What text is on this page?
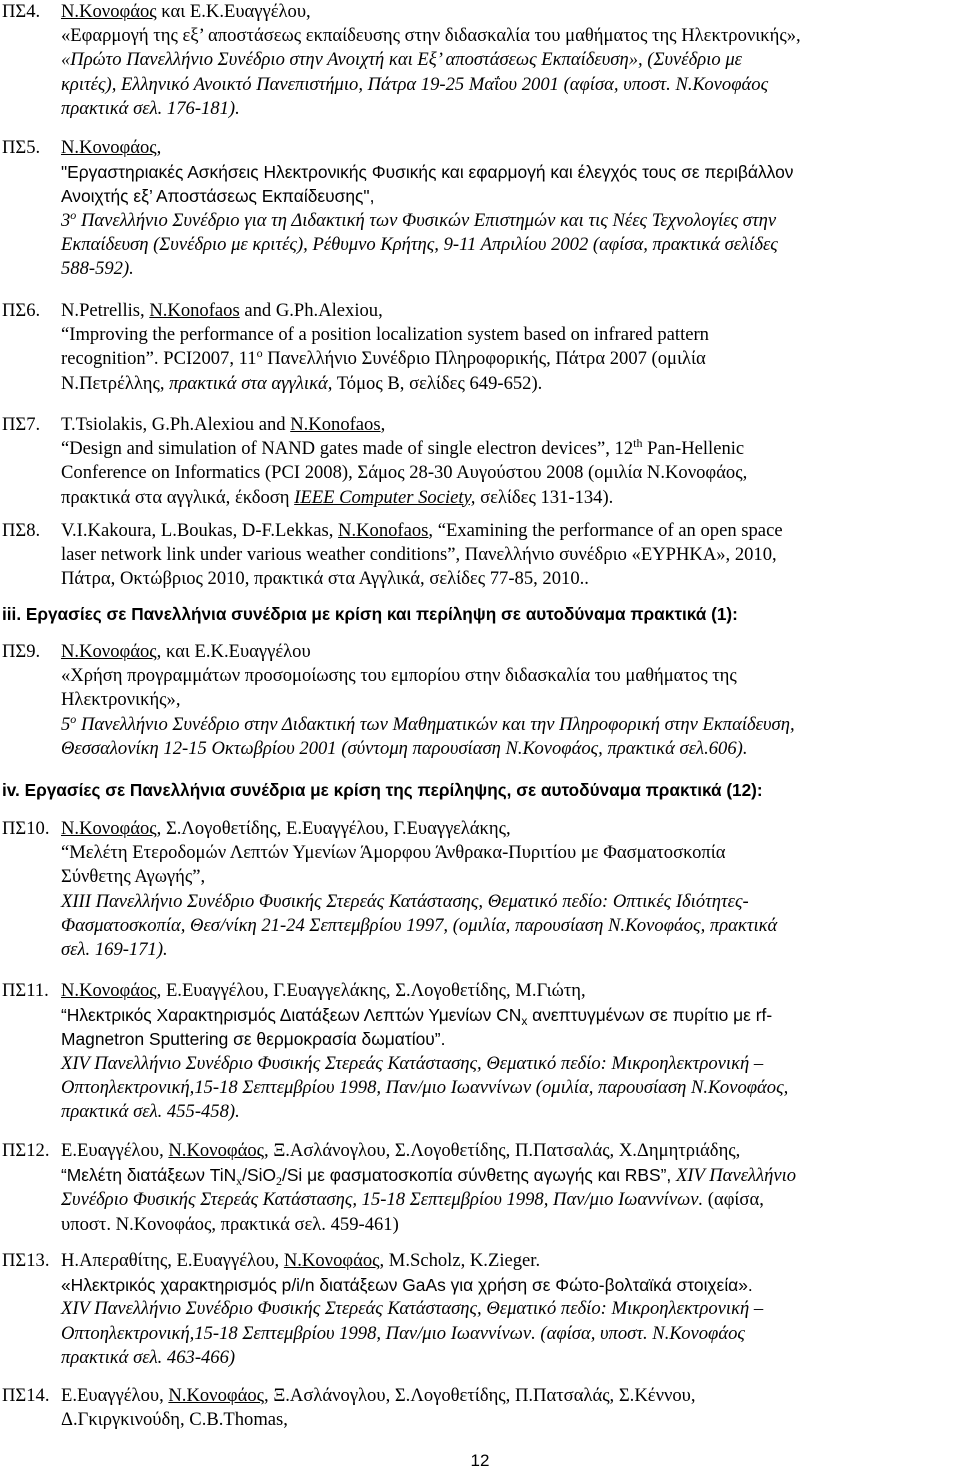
ΠΣ4. Ν.Κονοφάος και Ε.Κ.Ευαγγέλου,
«Εφαρμογή της εξ’ αποστάσεως εκπαίδευσης στην διδασκαλία του μαθήματος της Ηλεκτρονικής»,
«Πρώτο Πανελλήνιο Συνέδριο στην Ανοιχτή και Εξ’ αποστάσεως Εκπαίδευση», (Συνέδριο με
κριτές), Ελληνικό Ανοικτό Πανεπιστήμιο, Πάτρα 19-25 Μαΐου 2001 (αφίσα, υποστ. Ν.Κονοφάος
πρακτικά σελ. 176-181).
ΠΣ5. Ν.Κονοφάος,
"Εργαστηριακές Ασκήσεις Ηλεκτρονικής Φυσικής και εφαρμογή και έλεγχός τους σε περιβάλλον
Ανοιχτής εξ’ Αποστάσεως Εκπαίδευσης",
$3^o$ Πανελλήνιο Συνέδριο για τη Διδακτική των Φυσικών Επιστημών και τις Νέες Τεχνολογίες στην
Εκπαίδευση (Συνέδριο με κριτές), Ρέθυμνο Κρήτης, 9-11 Απριλίου 2002 (αφίσα, πρακτικά σελίδες
588-592).
ΠΣ6. N.Petrellis, N.Konofaos and G.Ph.Alexiou,
“Improving the performance of a position localization system based on infrared pattern
recognition”. PCI2007, $11^o$ Πανελλήνιο Συνέδριο Πληροφορικής, Πάτρα 2007 (ομιλία
Ν.Πετρέλλης, πρακτικά στα αγγλικά, Τόμος Β, σελίδες 649-652).
ΠΣ7. T.Tsiolakis, G.Ph.Alexiou and N.Konofaos,
“Design and simulation of NAND gates made of single electron devices”, 12th Pan-Hellenic
Conference on Informatics (PCI 2008), Σάμος 28-30 Αυγούστου 2008 (ομιλία Ν.Κονοφάος,
πρακτικά στα αγγλικά, έκδοση IEEE Computer Society, σελίδες 131-134).
ΠΣ8. V.I.Kakoura, L.Boukas, D-F.Lekkas, N.Konofaos, “Examining the performance of an open space
laser network link under various weather conditions”, Πανελλήνιο συνέδριο «ΕΥΡΗΚΑ», 2010,
Πάτρα, Οκτώβριος 2010, πρακτικά στα Αγγλικά, σελίδες 77-85, 2010..
iii. Εργασίες σε Πανελλήνια συνέδρια με κρίση και περίληψη σε αυτοδύναμα πρακτικά (1):
ΠΣ9. Ν.Κονοφάος, και Ε.Κ.Ευαγγέλου
«Χρήση προγραμμάτων προσομοίωσης του εμπορίου στην διδασκαλία του μαθήματος της
Ηλεκτρονικής»,
$5^o$ Πανελλήνιο Συνέδριο στην Διδακτική των Μαθηματικών και την Πληροφορική στην Εκπαίδευση,
Θεσσαλονίκη 12-15 Οκτωβρίου 2001 (σύντομη παρουσίαση Ν.Κονοφάος, πρακτικά σελ.606).
iv. Εργασίες σε Πανελλήνια συνέδρια με κρίση της περίληψης, σε αυτοδύναμα πρακτικά (12):
ΠΣ10. Ν.Κονοφάος, Σ.Λογοθετίδης, Ε.Ευαγγέλου, Γ.Ευαγγελάκης,
“Μελέτη Ετεροδομών Λεπτών Υμενίων Άμορφου Άνθρακα-Πυριτίου με Φασματοσκοπία
Σύνθετης Αγωγής”,
ΧΙΙΙ Πανελλήνιο Συνέδριο Φυσικής Στερεάς Κατάστασης, Θεματικό πεδίο: Οπτικές Ιδιότητες-
Φασματοσκοπία, Θεσ/νίκη 21-24 Σεπτεμβρίου 1997, (ομιλία, παρουσίαση Ν.Κονοφάος, πρακτικά
σελ. 169-171).
ΠΣ11. Ν.Κονοφάος, Ε.Ευαγγέλου, Γ.Ευαγγελάκης, Σ.Λογοθετίδης, Μ.Γιώτη,
“Ηλεκτρικός Χαρακτηρισμός Διατάξεων Λεπτών Υμενίων $CN_x$ ανεπτυγμένων σε πυρίτιο με rf-
Magnetron Sputtering σε θερμοκρασία δωματίου”.
XIV Πανελλήνιο Συνέδριο Φυσικής Στερεάς Κατάστασης, Θεματικό πεδίο: Μικροηλεκτρονική –
Οπτοηλεκτρονική,15-18 Σεπτεμβρίου 1998, Παν/μιο Ιωαννίνων (ομιλία, παρουσίαση Ν.Κονοφάος,
πρακτικά σελ. 455-458).
ΠΣ12. Ε.Ευαγγέλου, Ν.Κονοφάος, Ξ.Ασλάνογλου, Σ.Λογοθετίδης, Π.Πατσαλάς, Χ.Δημητριάδης,
“Μελέτη διατάξεων TiN$_x$/SiO$_2$/Si με φασματοσκοπία σύνθετης αγωγής και RBS”, XIV Πανελλήνιο
Συνέδριο Φυσικής Στερεάς Κατάστασης, 15-18 Σεπτεμβρίου 1998, Παν/μιο Ιωαννίνων. (αφίσα,
υποστ. Ν.Κονοφάος, πρακτικά σελ. 459-461)
ΠΣ13. Η.Απεραθίτης, Ε.Ευαγγέλου, Ν.Κονοφάος, M.Scholz, K.Zieger.
«Ηλεκτρικός χαρακτηρισμός p/i/n διατάξεων GaAs για χρήση σε Φώτο-βολταϊκά στοιχεία».
XIV Πανελλήνιο Συνέδριο Φυσικής Στερεάς Κατάστασης, Θεματικό πεδίο: Μικροηλεκτρονική –
Οπτοηλεκτρονική,15-18 Σεπτεμβρίου 1998, Παν/μιο Ιωαννίνων. (αφίσα, υποστ. Ν.Κονοφάος
πρακτικά σελ. 463-466)
ΠΣ14. Ε.Ευαγγέλου, Ν.Κονοφάος, Ξ.Ασλάνογλου, Σ.Λογοθετίδης, Π.Πατσαλάς, Σ.Κέννου,
Δ.Γκιργκινούδη, C.B.Thomas,
12
